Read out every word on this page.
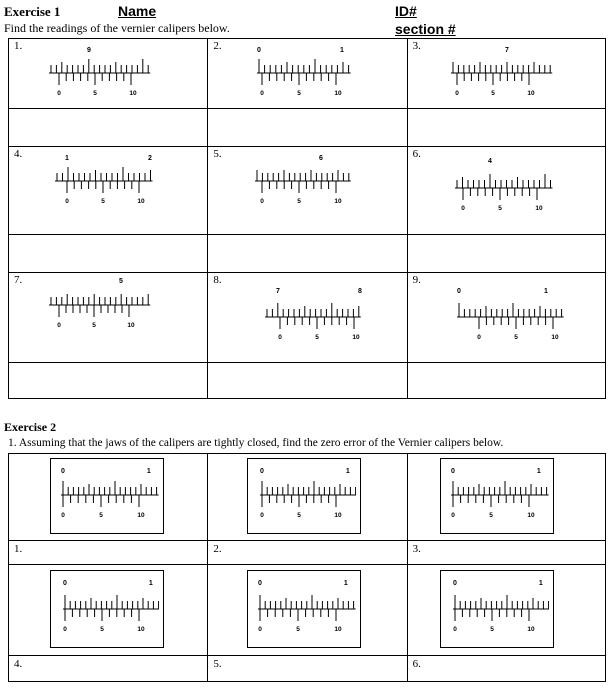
Exercise 1	Name	ID#
Find the readings of the vernier calipers below.	section #
1.	2.	3.

4.	5.	6.

7.	8.	9.

9
0	5	10
0	1
0	5	10
7
0	5	10
1	2
0	5	10
6
0	5	10
4
0	5	10
5
0	5	10
7	8
0	5	10
0	1
0	5	10
Exercise 2
1. Assuming that the jaws of the calipers are tightly closed, find the zero error of the Vernier calipers below.

1.	2.	3.

4.	5.	6.
0	1
0	5	10
0	1
0	5	10
0	1
0	5	10
0	1
0	5	10
0	1
0	5	10
0	1
0	5	10
